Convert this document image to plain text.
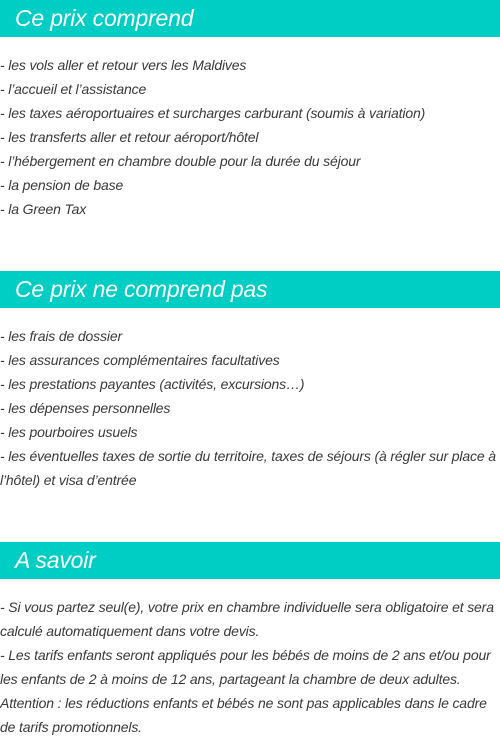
Ce prix comprend
- les vols aller et retour vers les Maldives
- l’accueil et l’assistance
- les taxes aéroportuaires et surcharges carburant (soumis à variation)
- les transferts aller et retour aéroport/hôtel
- l’hébergement en chambre double pour la durée du séjour
- la pension de base
- la Green Tax
Ce prix ne comprend pas
- les frais de dossier
- les assurances complémentaires facultatives
- les prestations payantes (activités, excursions…)
- les dépenses personnelles
- les pourboires usuels
- les éventuelles taxes de sortie du territoire, taxes de séjours (à régler sur place à l’hôtel) et visa d’entrée
A savoir
- Si vous partez seul(e), votre prix en chambre individuelle sera obligatoire et sera calculé automatiquement dans votre devis.
- Les tarifs enfants seront appliqués pour les bébés de moins de 2 ans et/ou pour les enfants de 2 à moins de 12 ans, partageant la chambre de deux adultes.
Attention : les réductions enfants et bébés ne sont pas applicables dans le cadre de tarifs promotionnels.
